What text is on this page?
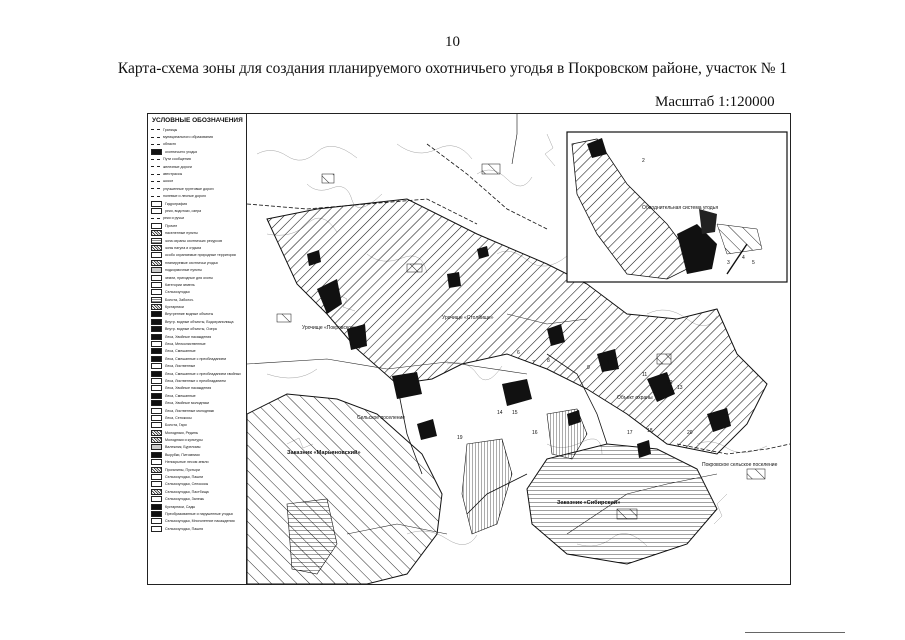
10
Карта-схема зоны для создания планируемого охотничьего угодья в Покровском районе, участок № 1
Масштаб 1:120000
УСЛОВНЫЕ ОБОЗНАЧЕНИЯ
Границы
муниципального образования
области
охотничьего угодья
Пути сообщения
железные дороги
автотрассы
шоссе
улучшенные грунтовые дороги
полевые и лесные дороги
Гидрография
реки, водотоки, озера
реки и ручьи
Прочее
населенные пункты
зона охраны охотничьих ресурсов
зоны нагула и отдыха
особо охраняемые природные территории
планируемые охотничьи угодья
подкормочные пункты
земли, пригодные для охоты
Категории земель
Сельхозугодья
Болота, Заболоч.
Кустарники
Внутренние водные объекты
Внутр. водные объекты, Водохранилища
Внутр. водные объекты, Озера
Леса, Хвойные насаждения
Леса, Мелколиственные
Леса, Смешанные
Леса, Смешанные с преобладанием
Леса, Лиственные
Леса, Смешанные с преобладанием хвойных
Леса, Лиственные с преобладанием
Леса, Хвойные насаждения
Леса, Смешанные
Леса, Хвойные молодняки
Леса, Лиственные молодняки
Леса, Сенокосы
Болота, Гари
Молодняки, Редины
Молодняки и культуры
Валежник, Буреломы
Вырубки, Питомники
Непокрытые лесом земли
Прогалины, Пустыри
Сельхозугодья, Пашни
Сельхозугодья, Сенокосы
Сельхозугодья, Пастбища
Сельхозугодья, Залежь
Кустарники, Сады
Преобразованные и нарушенные угодья
Сельхозугодья, Многолетние насаждения
Сельхозугодья, Пашня
Урочище «Столбище»
Урочище «Покровское»
Сельское поселение
Покровское сельское поселение
Заказник «Марьяновский»
Заказник «Сибирский»
Объект охраны
Обводнительная система угодья
1
2
3
4
5
6
7 8
9
10
11
12
13
14 15
16	17	18
19
20
